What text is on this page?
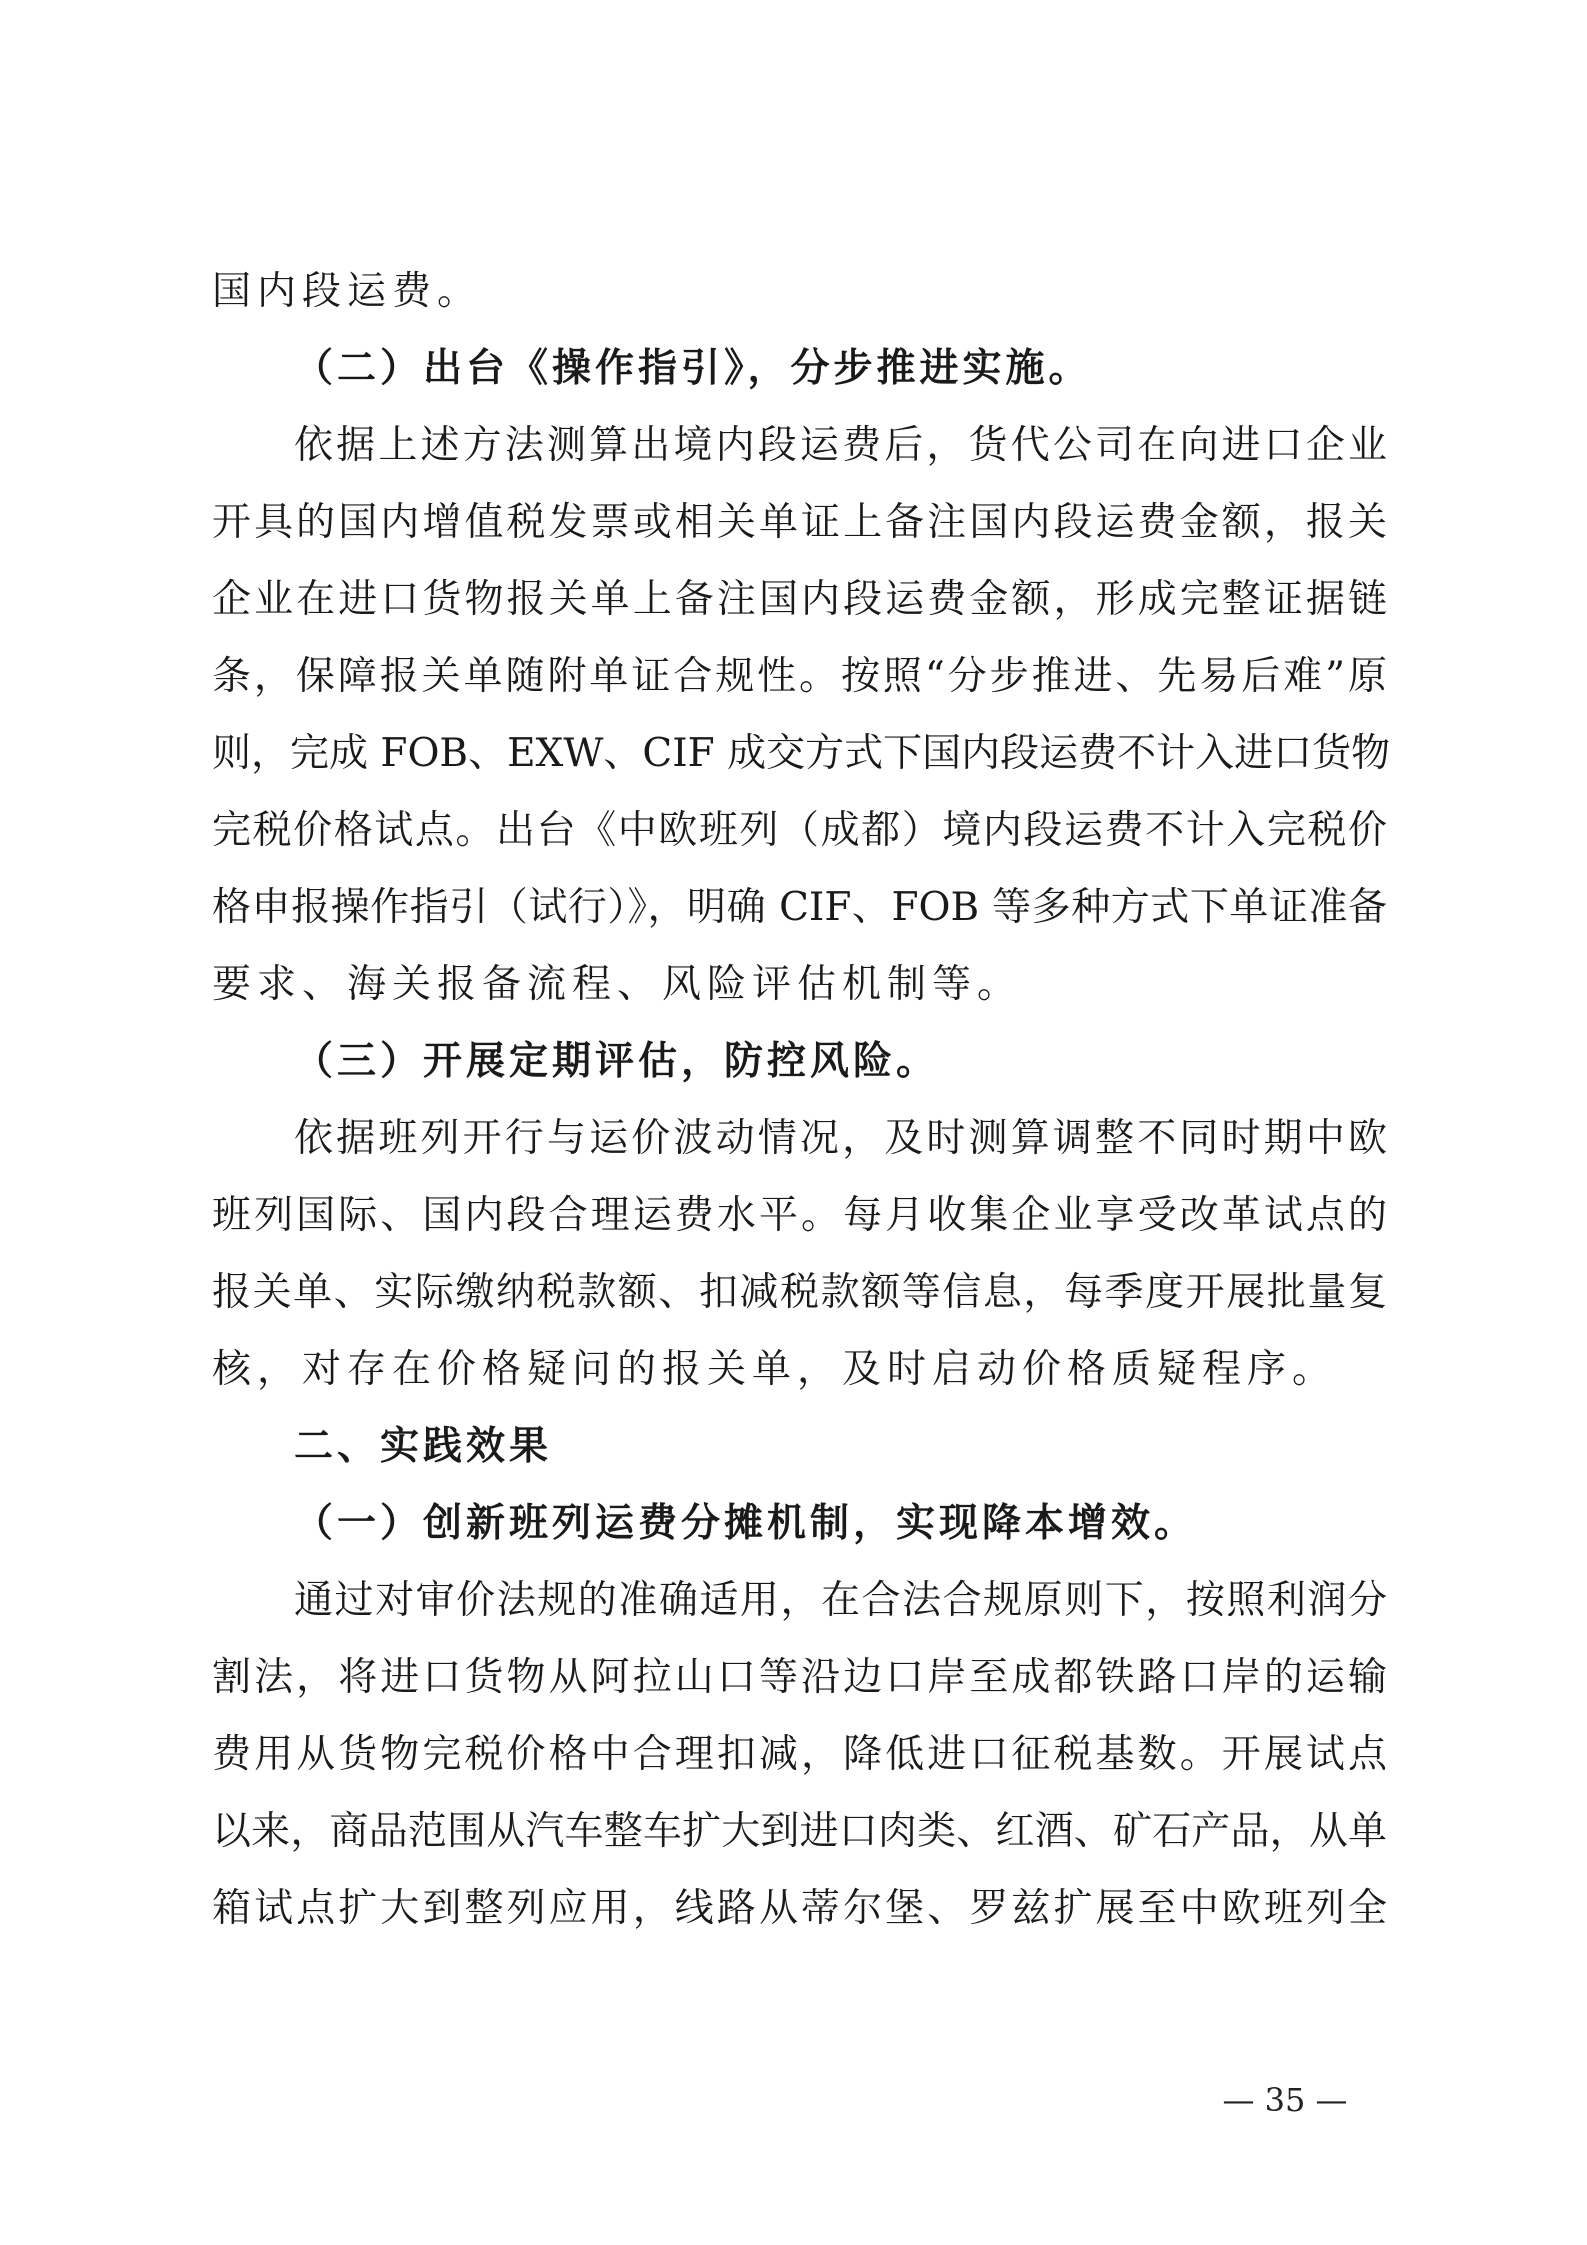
国内段运费。
（二）出台《操作指引》，分步推进实施。
依据上述方法测算出境内段运费后，货代公司在向进口企业
开具的国内增值税发票或相关单证上备注国内段运费金额，报关
企业在进口货物报关单上备注国内段运费金额，形成完整证据链
条，保障报关单随附单证合规性。按照“分步推进、先易后难”原
则，完成 FOB、EXW、CIF 成交方式下国内段运费不计入进口货物
完税价格试点。出台《中欧班列（成都）境内段运费不计入完税价
格申报操作指引（试行）》，明确 CIF、FOB 等多种方式下单证准备
要求、海关报备流程、风险评估机制等。
（三）开展定期评估，防控风险。
依据班列开行与运价波动情况，及时测算调整不同时期中欧
班列国际、国内段合理运费水平。每月收集企业享受改革试点的
报关单、实际缴纳税款额、扣减税款额等信息，每季度开展批量复
核，对存在价格疑问的报关单，及时启动价格质疑程序。
二、实践效果
（一）创新班列运费分摊机制，实现降本增效。
通过对审价法规的准确适用，在合法合规原则下，按照利润分
割法，将进口货物从阿拉山口等沿边口岸至成都铁路口岸的运输
费用从货物完税价格中合理扣减，降低进口征税基数。开展试点
以来，商品范围从汽车整车扩大到进口肉类、红酒、矿石产品，从单
箱试点扩大到整列应用，线路从蒂尔堡、罗兹扩展至中欧班列全
— 35 —
